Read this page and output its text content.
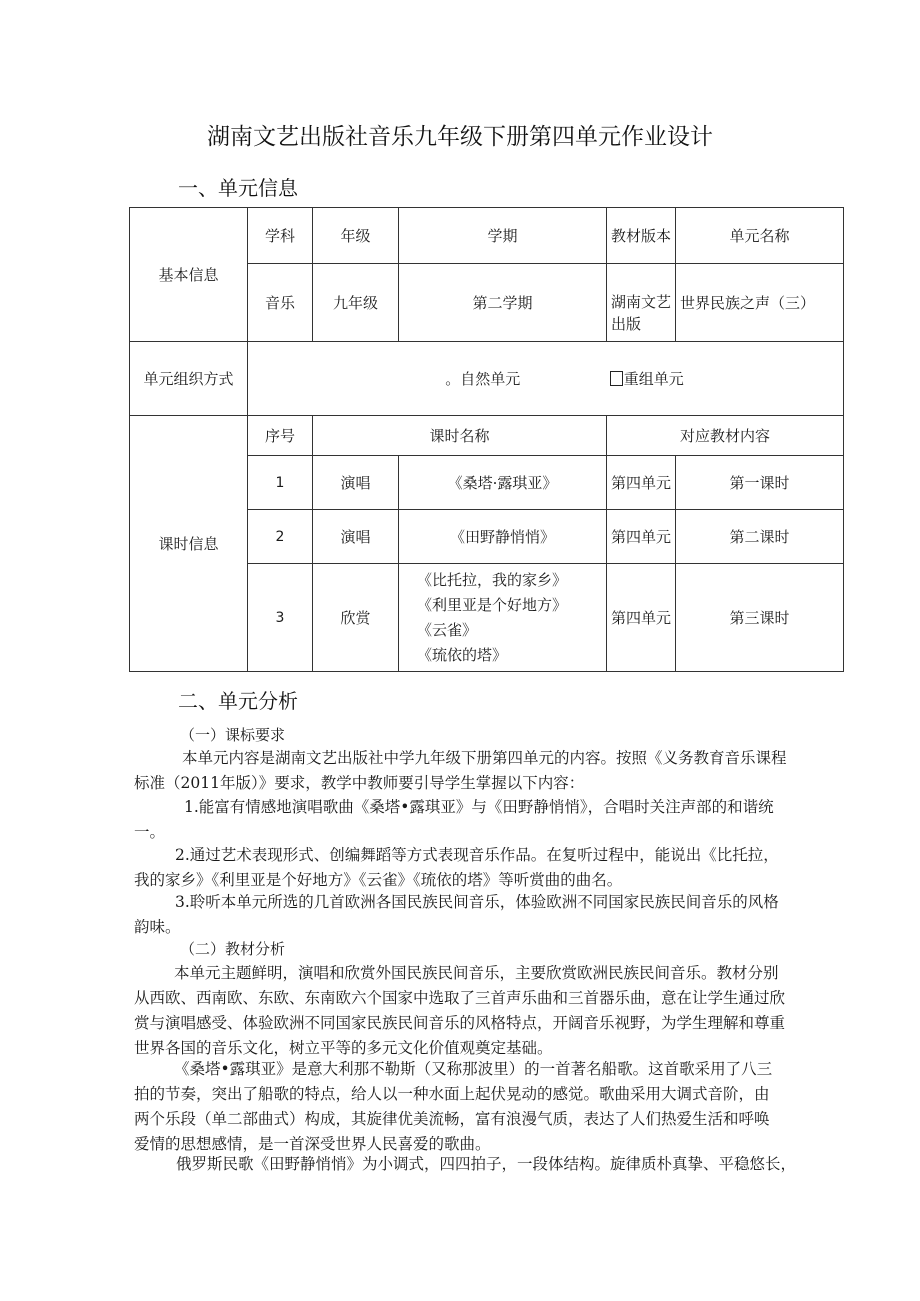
湖南文艺出版社音乐九年级下册第四单元作业设计
一、单元信息
基本信息	学科	年级	学期	教材版本	单元名称
	音乐	九年级	第二学期	湖南文艺出版	世界民族之声（三）
单元组织方式	。自然单元 重组单元				
课时信息	序号	课时名称		对应教材内容	
	1	演唱	《桑塔·露琪亚》	第四单元	第一课时
	2	演唱	《田野静悄悄》	第四单元	第二课时
	3	欣赏	《比托拉，我的家乡》
《利里亚是个好地方》
《云雀》
《琉依的塔》	第四单元	第三课时
二、单元分析
（一）课标要求
本单元内容是湖南文艺出版社中学九年级下册第四单元的内容。按照《义务教育音乐课程
标准（2011年版）》要求，教学中教师要引导学生掌握以下内容：
1.能富有情感地演唱歌曲《桑塔•露琪亚》与《田野静悄悄》，合唱时关注声部的和谐统
一。
2.通过艺术表现形式、创编舞蹈等方式表现音乐作品。在复听过程中，能说出《比托拉，
我的家乡》《利里亚是个好地方》《云雀》《琉依的塔》等听赏曲的曲名。
3.聆听本单元所选的几首欧洲各国民族民间音乐，体验欧洲不同国家民族民间音乐的风格
韵味。
（二）教材分析
本单元主题鲜明，演唱和欣赏外国民族民间音乐，主要欣赏欧洲民族民间音乐。教材分别
从西欧、西南欧、东欧、东南欧六个国家中选取了三首声乐曲和三首器乐曲，意在让学生通过欣
赏与演唱感受、体验欧洲不同国家民族民间音乐的风格特点，开阔音乐视野，为学生理解和尊重
世界各国的音乐文化，树立平等的多元文化价值观奠定基础。
《桑塔•露琪亚》是意大利那不勒斯（又称那波里）的一首著名船歌。这首歌采用了八三
拍的节奏，突出了船歌的特点，给人以一种水面上起伏晃动的感觉。歌曲采用大调式音阶，由
两个乐段（单二部曲式）构成，其旋律优美流畅，富有浪漫气质，表达了人们热爱生活和呼唤
爱情的思想感情，是一首深受世界人民喜爱的歌曲。
俄罗斯民歌《田野静悄悄》为小调式，四四拍子，一段体结构。旋律质朴真挚、平稳悠长，
